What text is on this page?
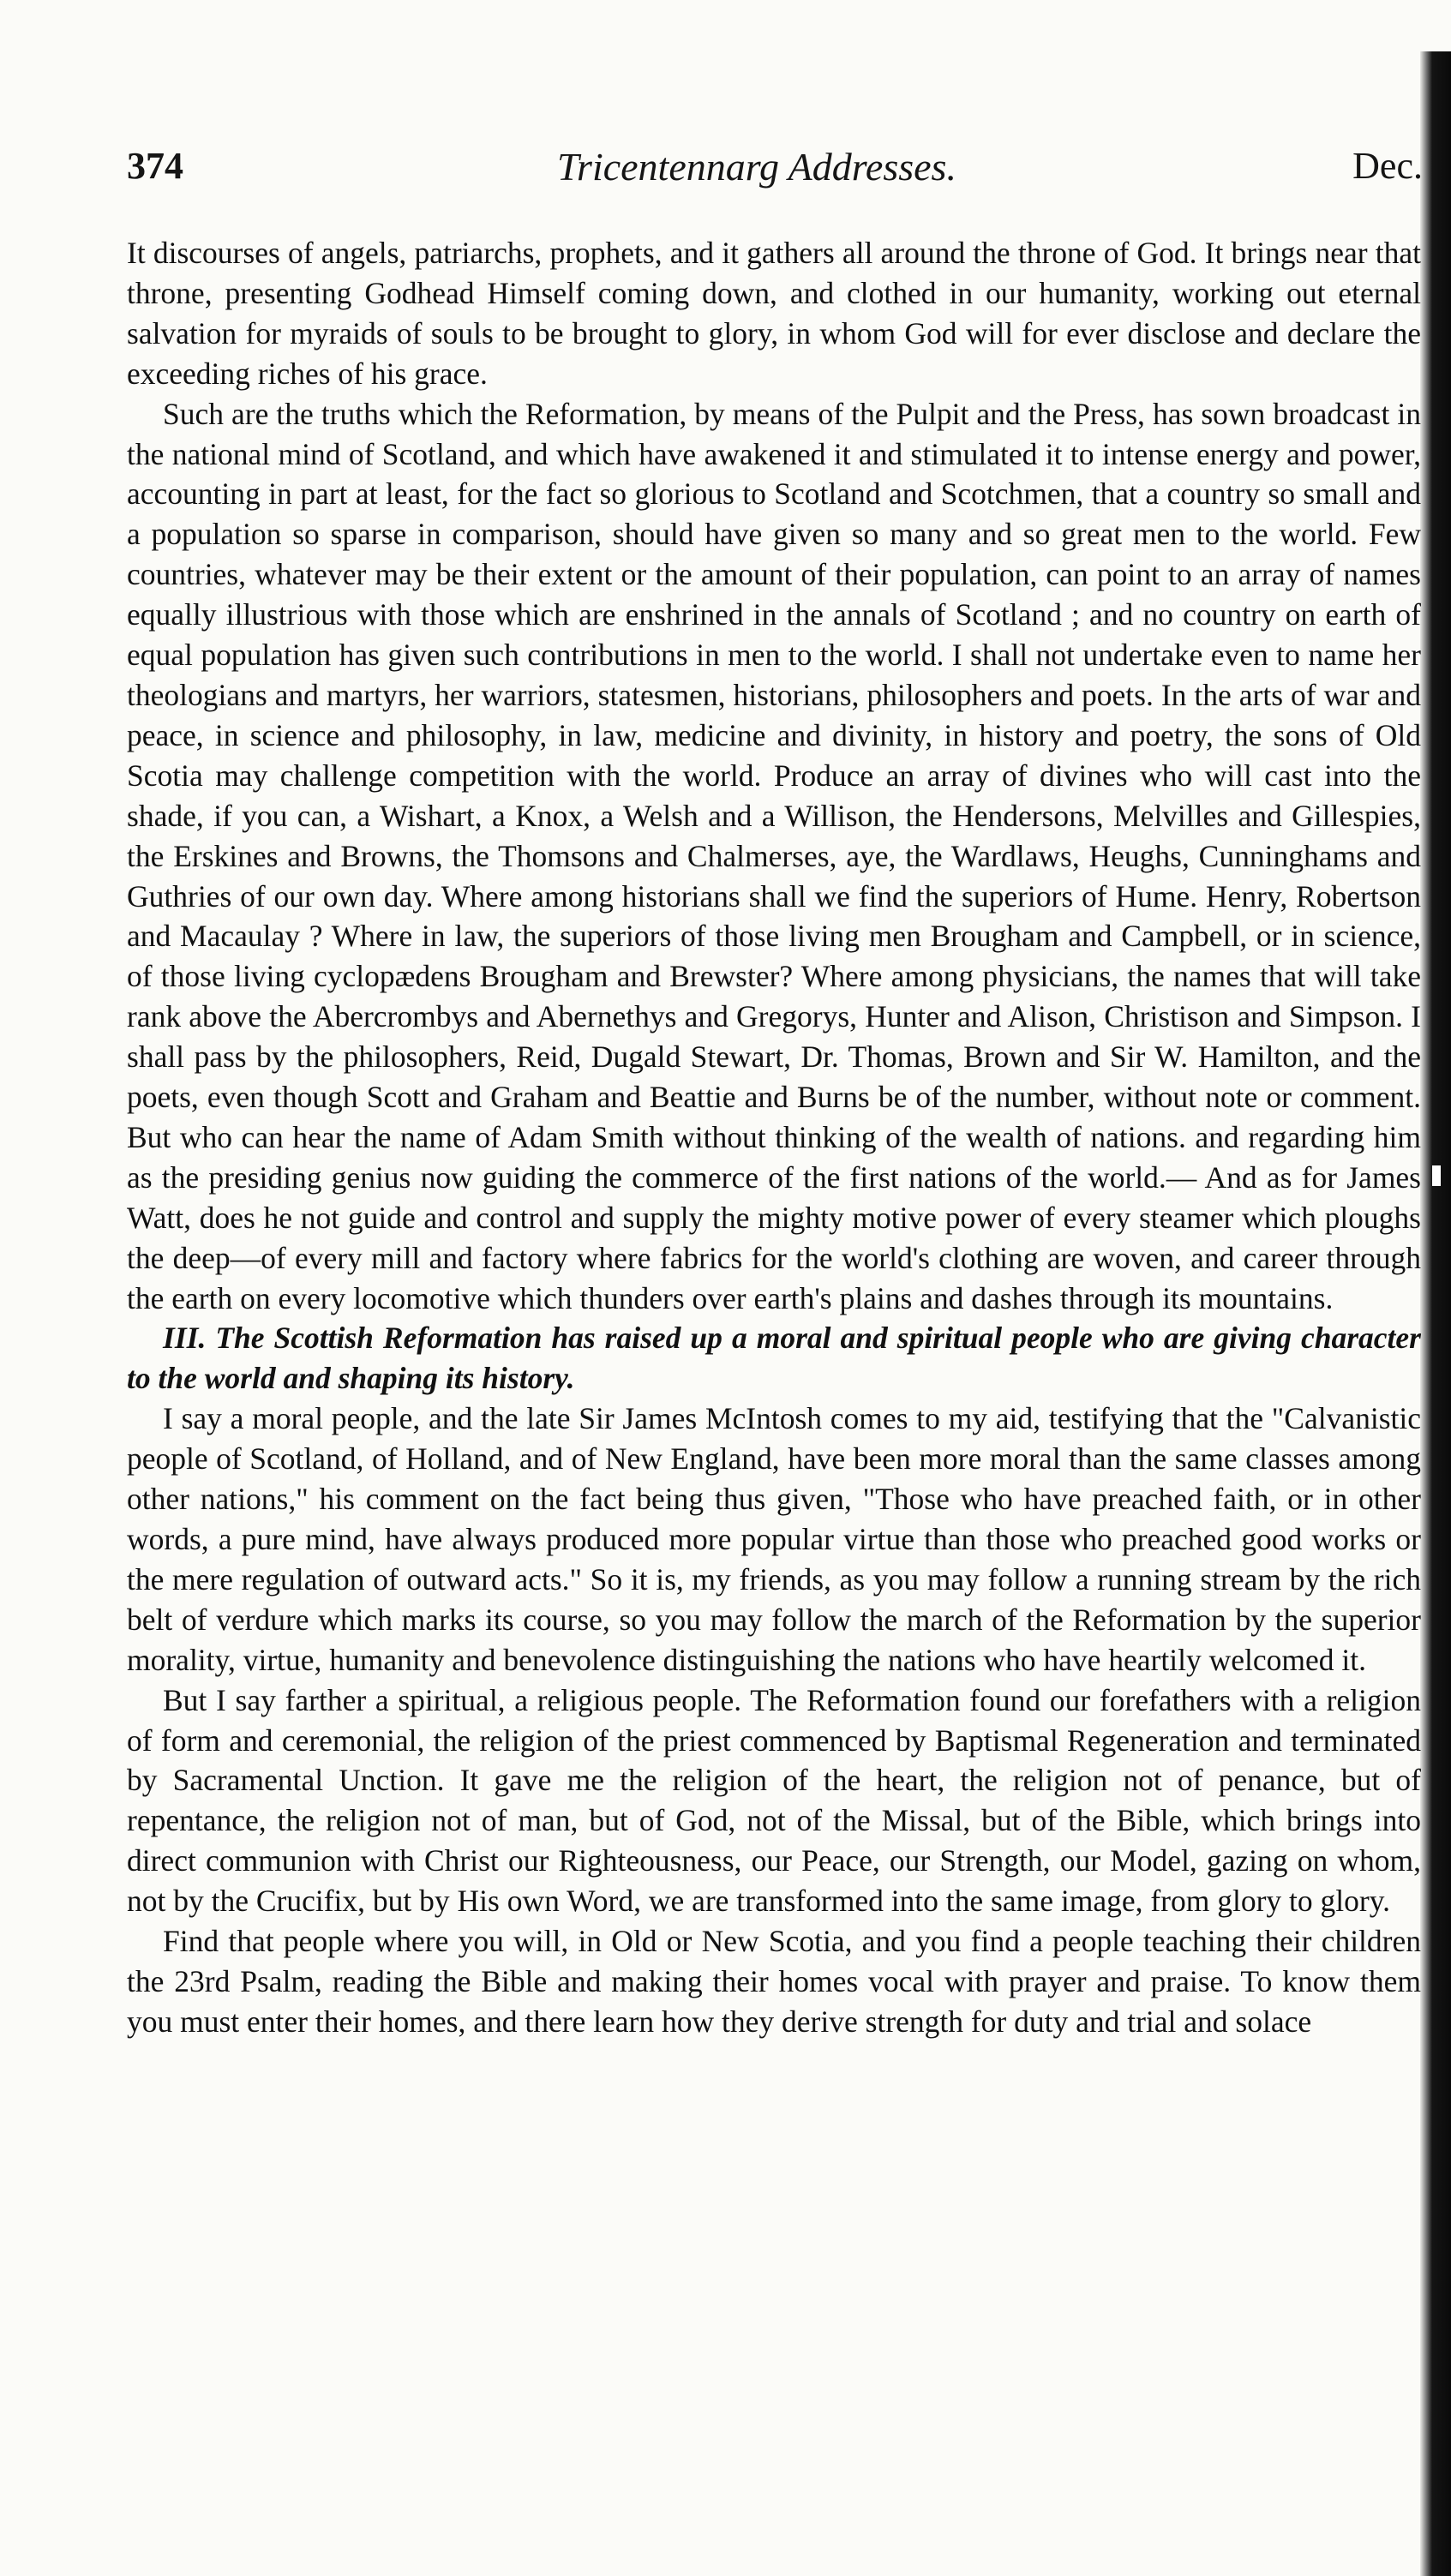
374	Tricentennarg Addresses.	Dec.

It discourses of angels, patriarchs, prophets, and it gathers all around the throne of God. It brings near that throne, presenting Godhead Himself coming down, and clothed in our humanity, working out eternal salvation for myraids of souls to be brought to glory, in whom God will for ever disclose and declare the exceeding riches of his grace.

Such are the truths which the Reformation, by means of the Pulpit and the Press, has sown broadcast in the national mind of Scotland, and which have awakened it and stimulated it to intense energy and power, accounting in part at least, for the fact so glorious to Scotland and Scotchmen, that a country so small and a population so sparse in comparison, should have given so many and so great men to the world. Few countries, whatever may be their extent or the amount of their population, can point to an array of names equally illustrious with those which are enshrined in the annals of Scotland ; and no country on earth of equal population has given such contributions in men to the world. I shall not undertake even to name her theologians and martyrs, her warriors, statesmen, historians, philosophers and poets. In the arts of war and peace, in science and philosophy, in law, medicine and divinity, in history and poetry, the sons of Old Scotia may challenge competition with the world. Produce an array of divines who will cast into the shade, if you can, a Wishart, a Knox, a Welsh and a Willison, the Hendersons, Melvilles and Gillespies, the Erskines and Browns, the Thomsons and Chalmerses, aye, the Wardlaws, Heughs, Cunninghams and Guthries of our own day. Where among historians shall we find the superiors of Hume. Henry, Robertson and Macaulay ? Where in law, the superiors of those living men Brougham and Campbell, or in science, of those living cyclopædens Brougham and Brewster? Where among physicians, the names that will take rank above the Abercrombys and Abernethys and Gregorys, Hunter and Alison, Christison and Simpson. I shall pass by the philosophers, Reid, Dugald Stewart, Dr. Thomas, Brown and Sir W. Hamilton, and the poets, even though Scott and Graham and Beattie and Burns be of the number, without note or comment. But who can hear the name of Adam Smith without thinking of the wealth of nations. and regarding him as the presiding genius now guiding the commerce of the first nations of the world.— And as for James Watt, does he not guide and control and supply the mighty motive power of every steamer which ploughs the deep—of every mill and factory where fabrics for the world's clothing are woven, and career through the earth on every locomotive which thunders over earth's plains and dashes through its mountains.

III. The Scottish Reformation has raised up a moral and spiritual people who are giving character to the world and shaping its history.

I say a moral people, and the late Sir James McIntosh comes to my aid, testifying that the "Calvanistic people of Scotland, of Holland, and of New England, have been more moral than the same classes among other nations," his comment on the fact being thus given, "Those who have preached faith, or in other words, a pure mind, have always produced more popular virtue than those who preached good works or the mere regulation of outward acts." So it is, my friends, as you may follow a running stream by the rich belt of verdure which marks its course, so you may follow the march of the Reformation by the superior morality, virtue, humanity and benevolence distinguishing the nations who have heartily welcomed it.

But I say farther a spiritual, a religious people. The Reformation found our forefathers with a religion of form and ceremonial, the religion of the priest commenced by Baptismal Regeneration and terminated by Sacramental Unction. It gave me the religion of the heart, the religion not of penance, but of repentance, the religion not of man, but of God, not of the Missal, but of the Bible, which brings into direct communion with Christ our Righteousness, our Peace, our Strength, our Model, gazing on whom, not by the Crucifix, but by His own Word, we are transformed into the same image, from glory to glory.

Find that people where you will, in Old or New Scotia, and you find a people teaching their children the 23rd Psalm, reading the Bible and making their homes vocal with prayer and praise. To know them you must enter their homes, and there learn how they derive strength for duty and trial and solace
